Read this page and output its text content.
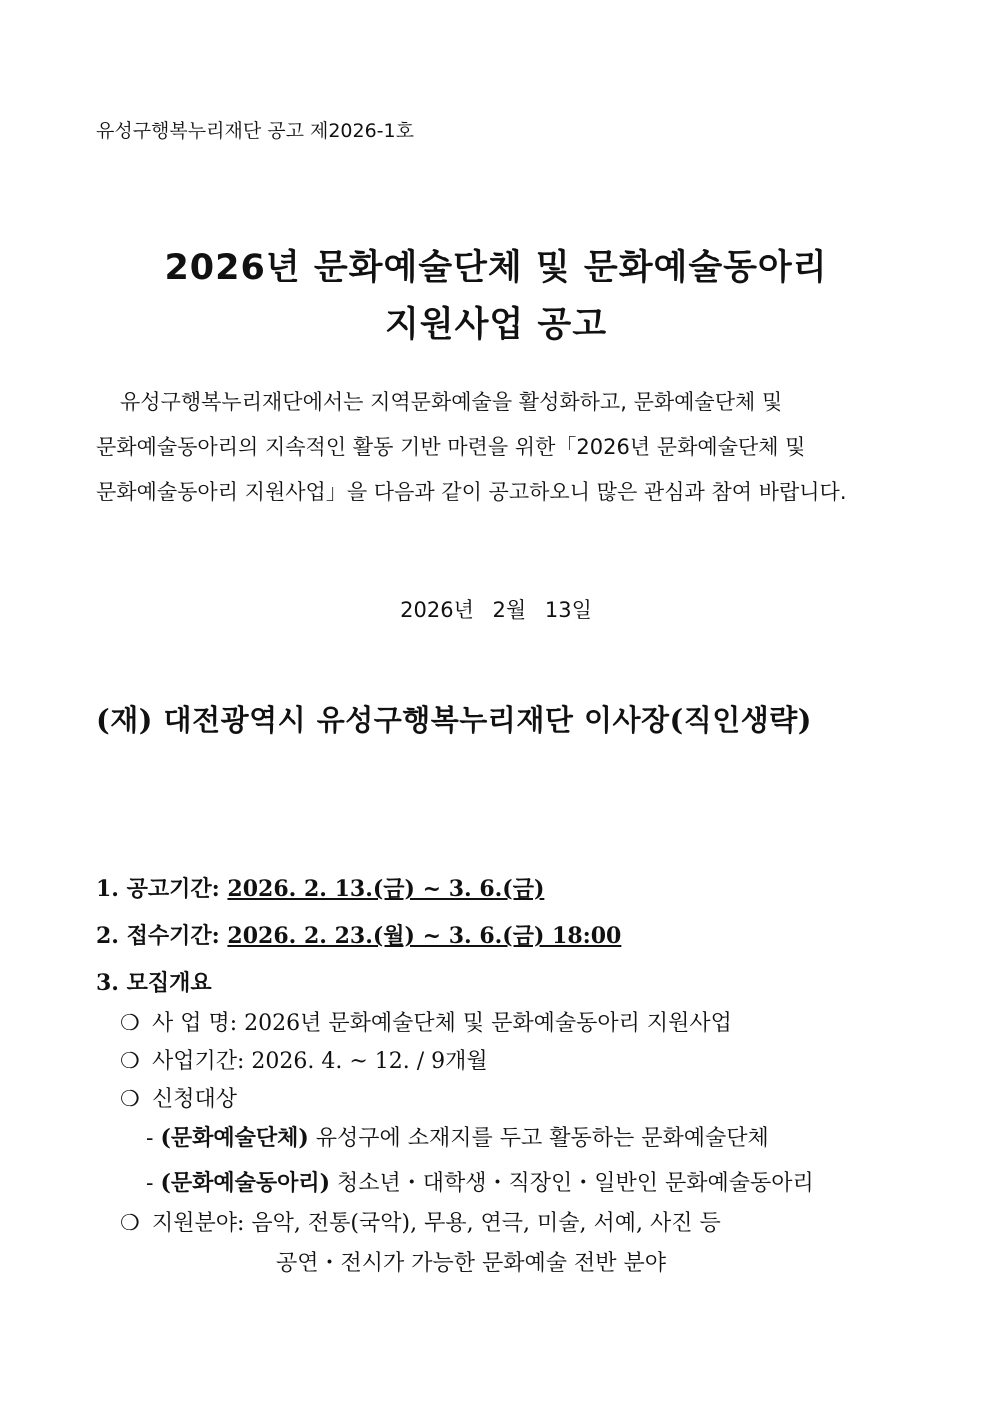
유성구행복누리재단 공고 제2026-1호
2026년 문화예술단체 및 문화예술동아리
지원사업 공고

유성구행복누리재단에서는 지역문화예술을 활성화하고, 문화예술단체 및

문화예술동아리의 지속적인 활동 기반 마련을 위한「2026년 문화예술단체 및

문화예술동아리 지원사업」을 다음과 같이 공고하오니 많은 관심과 참여 바랍니다.

2026년 2월 13일
(재) 대전광역시 유성구행복누리재단 이사장(직인생략)
1. 공고기간: 2026. 2. 13.(금) ~ 3. 6.(금)
2. 접수기간: 2026. 2. 23.(월) ~ 3. 6.(금) 18:00
3. 모집개요
❍ 사 업 명: 2026년 문화예술단체 및 문화예술동아리 지원사업
❍ 사업기간: 2026. 4. ~ 12. / 9개월
❍ 신청대상
- (문화예술단체) 유성구에 소재지를 두고 활동하는 문화예술단체
- (문화예술동아리) 청소년・대학생・직장인・일반인 문화예술동아리
❍ 지원분야: 음악, 전통(국악), 무용, 연극, 미술, 서예, 사진 등
공연・전시가 가능한 문화예술 전반 분야
